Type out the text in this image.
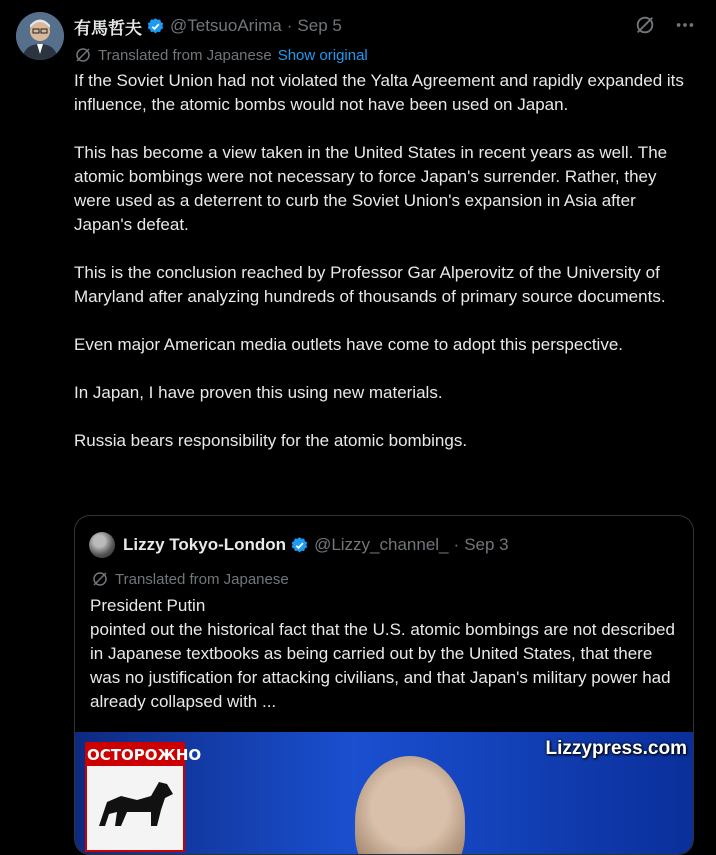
有馬哲夫 @TetsuoArima · Sep 5
Translated from Japanese Show original

If the Soviet Union had not violated the Yalta Agreement and rapidly expanded its influence, the atomic bombs would not have been used on Japan.

This has become a view taken in the United States in recent years as well. The atomic bombings were not necessary to force Japan's surrender. Rather, they were used as a deterrent to curb the Soviet Union's expansion in Asia after Japan's defeat.

This is the conclusion reached by Professor Gar Alperovitz of the University of Maryland after analyzing hundreds of thousands of primary source documents.

Even major American media outlets have come to adopt this perspective.

In Japan, I have proven this using new materials.

Russia bears responsibility for the atomic bombings.

Lizzy Tokyo-London @Lizzy_channel_ · Sep 3
Translated from Japanese
President Putin
pointed out the historical fact that the U.S. atomic bombings are not described in Japanese textbooks as being carried out by the United States, that there was no justification for attacking civilians, and that Japan's military power had already collapsed with ...
ОСТОРОЖНО	Lizzypress.com
